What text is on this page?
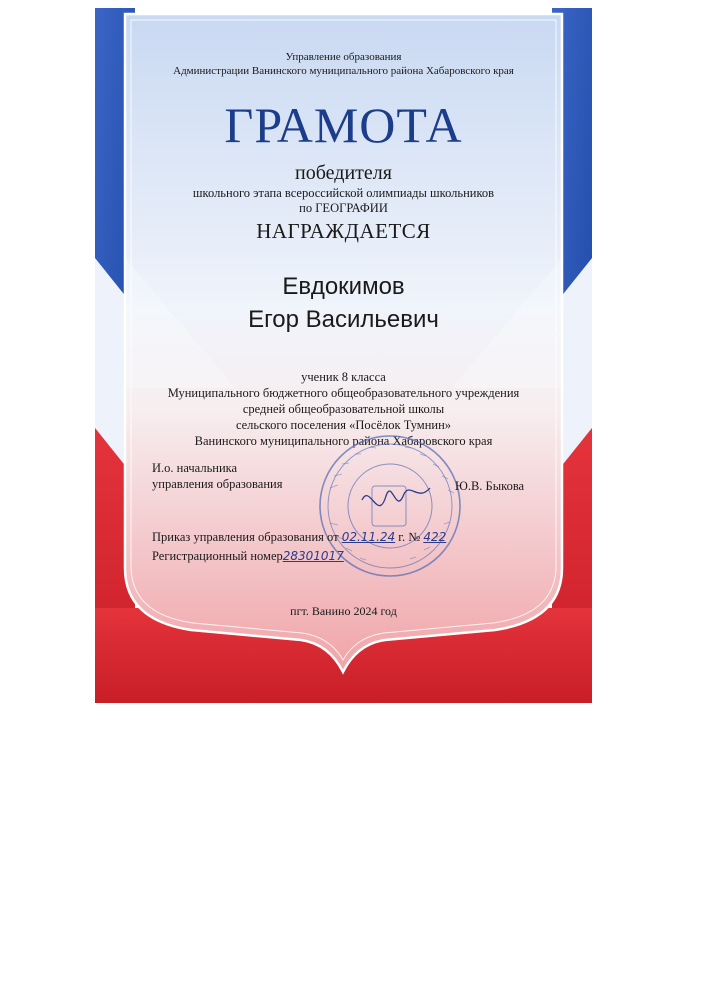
Управление образования
Администрации Ванинского муниципального района Хабаровского края
ГРАМОТА
победителя
школьного этапа всероссийской олимпиады школьников
по ГЕОГРАФИИ
НАГРАЖДАЕТСЯ
Евдокимов
Егор Васильевич
ученик 8 класса
Муниципального бюджетного общеобразовательного учреждения
средней общеобразовательной школы
сельского поселения «Посёлок Тумнин»
Ванинского муниципального района Хабаровского края
И.о. начальника
управления образования	Ю.В. Быкова
Приказ управления образования от 02.11.24 г. № 422
Регистрационный номер28301017
пгт. Ванино 2024 год
